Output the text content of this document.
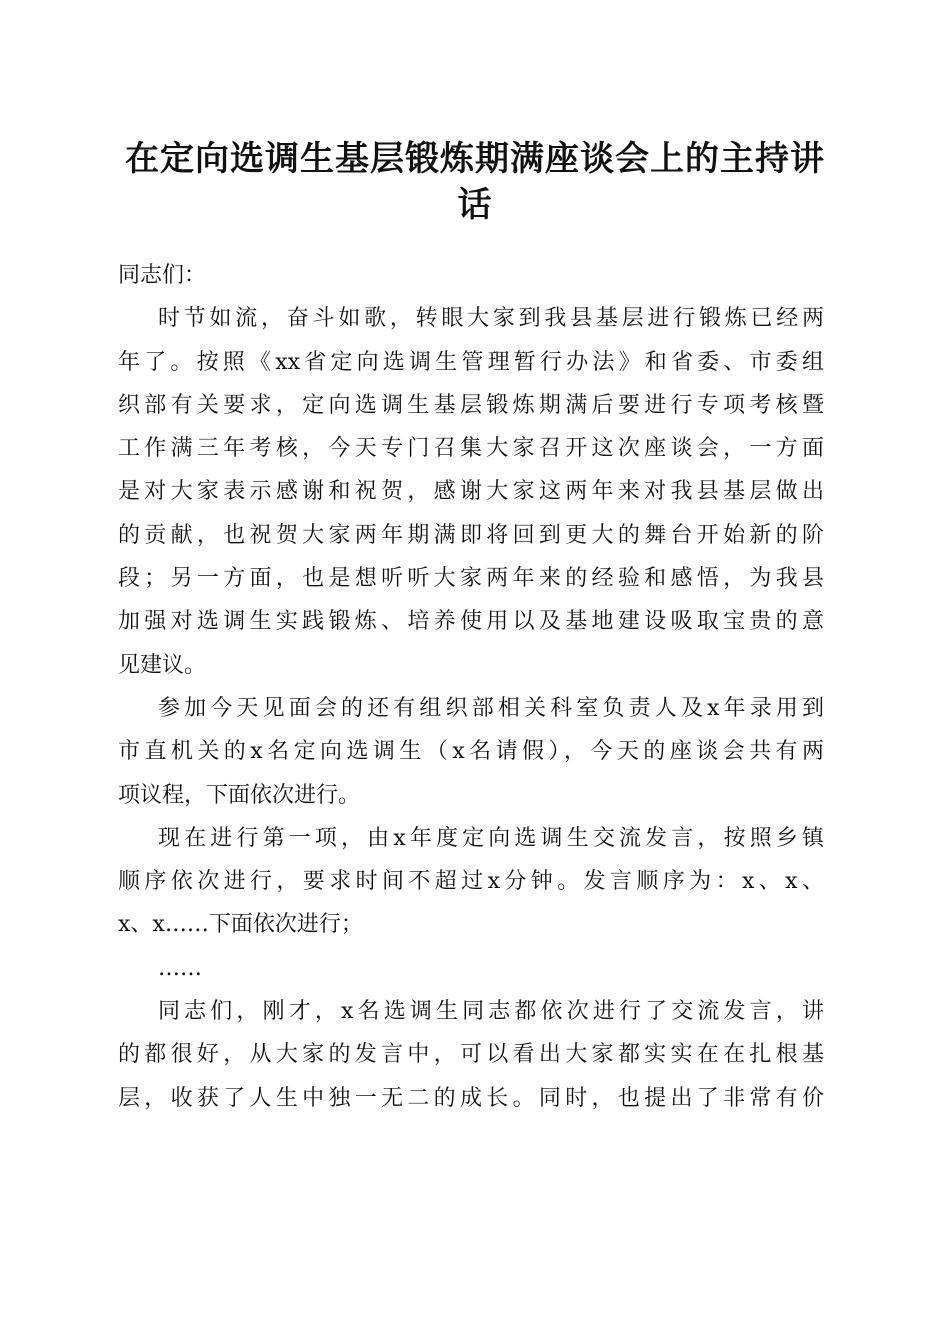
在定向选调生基层锻炼期满座谈会上的主持讲
话
同志们：
时节如流，奋斗如歌，转眼大家到我县基层进行锻炼已经两
年了。按照《xx省定向选调生管理暂行办法》和省委、市委组
织部有关要求，定向选调生基层锻炼期满后要进行专项考核暨
工作满三年考核，今天专门召集大家召开这次座谈会，一方面
是对大家表示感谢和祝贺，感谢大家这两年来对我县基层做出
的贡献，也祝贺大家两年期满即将回到更大的舞台开始新的阶
段；另一方面，也是想听听大家两年来的经验和感悟，为我县
加强对选调生实践锻炼、培养使用以及基地建设吸取宝贵的意
见建议。
参加今天见面会的还有组织部相关科室负责人及x年录用到
市直机关的x名定向选调生（x名请假），今天的座谈会共有两
项议程，下面依次进行。
现在进行第一项，由x年度定向选调生交流发言，按照乡镇
顺序依次进行，要求时间不超过x分钟。发言顺序为：x、x、
x、x……下面依次进行；
……
同志们，刚才，x名选调生同志都依次进行了交流发言，讲
的都很好，从大家的发言中，可以看出大家都实实在在扎根基
层，收获了人生中独一无二的成长。同时，也提出了非常有价
